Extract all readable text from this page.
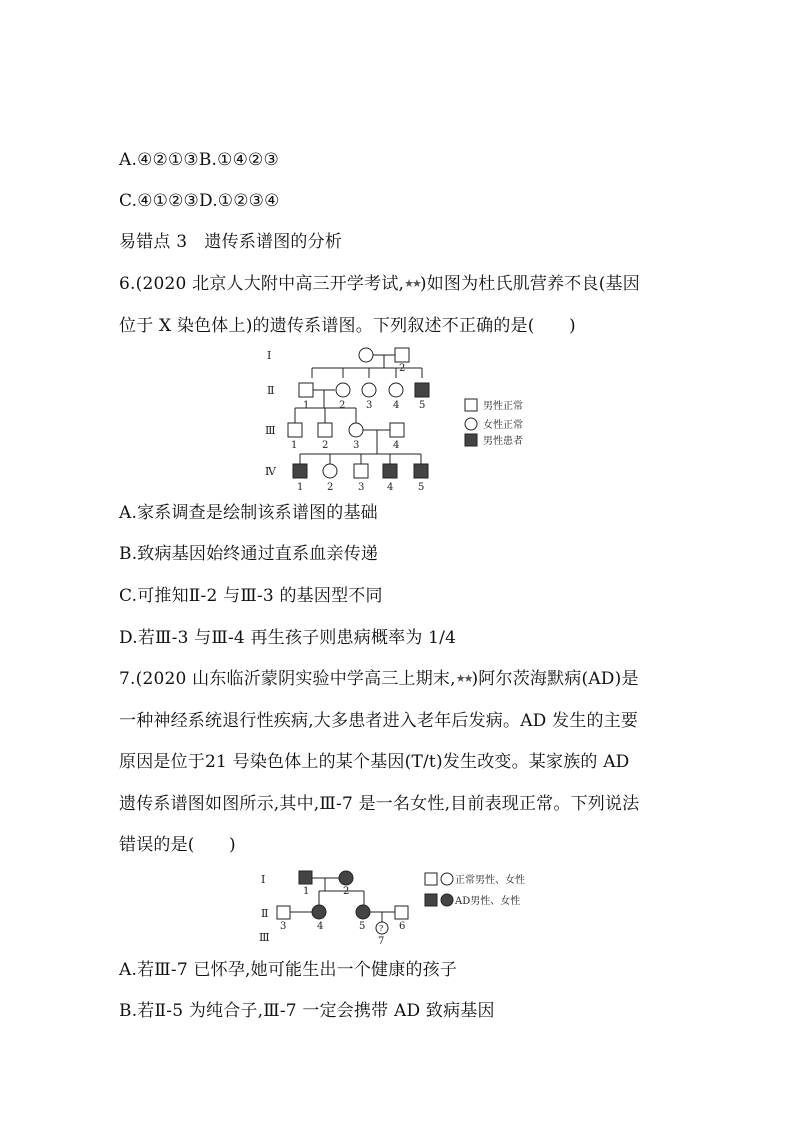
A.④②①③B.①④②③
C.④①②③D.①②③④
易错点 3　遗传系谱图的分析
6.(2020 北京人大附中高三开学考试,★★)如图为杜氏肌营养不良(基因
位于 X 染色体上)的遗传系谱图。下列叙述不正确的是(　　)
Ⅰ
Ⅱ
Ⅲ
Ⅳ
2
1	2 3 4 5
1 2 3	4
1 2 3 4 5
男性正常
女性正常
男性患者
A.家系调查是绘制该系谱图的基础
B.致病基因始终通过直系血亲传递
C.可推知Ⅱ-2 与Ⅲ-3 的基因型不同
D.若Ⅲ-3 与Ⅲ-4 再生孩子则患病概率为 1/4
7.(2020 山东临沂蒙阴实验中学高三上期末,★★)阿尔茨海默病(AD)是
一种神经系统退行性疾病,大多患者进入老年后发病。AD 发生的主要
原因是位于21 号染色体上的某个基因(T/t)发生改变。某家族的 AD
遗传系谱图如图所示,其中,Ⅲ-7 是一名女性,目前表现正常。下列说法
错误的是(　　)
Ⅰ
Ⅱ
Ⅲ
1	2
3	4	5	6
7
?
正常男性、女性
AD男性、女性
A.若Ⅲ-7 已怀孕,她可能生出一个健康的孩子
B.若Ⅱ-5 为纯合子,Ⅲ-7 一定会携带 AD 致病基因
